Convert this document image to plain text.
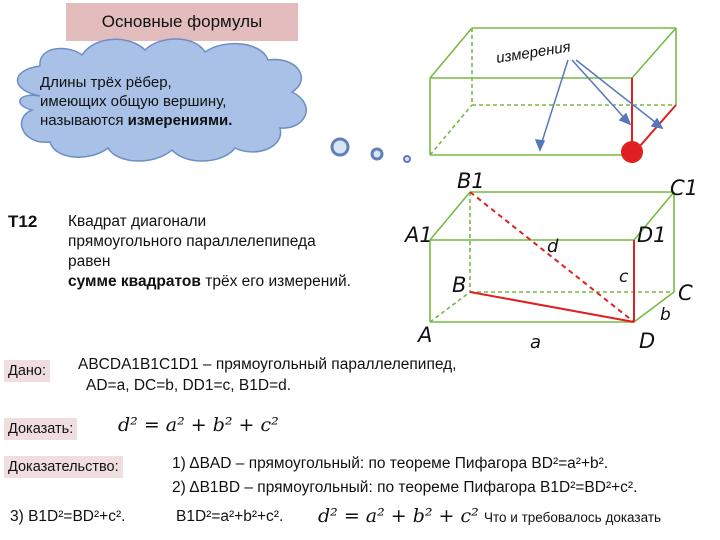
Основные формулы
измерения
B1	C1
A1	D1
B	C
A	D
d
c
b
a
Длины трёх рёбер,
имеющих общую вершину,
называются измерениями.
Т12 Квадрат диагонали
прямоугольного параллелепипеда
равен
сумме квадратов трёх его измерений.
Дано: ABCDA1B1C1D1 – прямоугольный параллелепипед,
AD=a, DC=b, DD1=c, B1D=d.
Доказать: d² = a² + b² + c²
Доказательство:	1) ΔBAD – прямоугольный: по теореме Пифагора BD²=a²+b².
2) ΔB1BD – прямоугольный: по теореме Пифагора B1D²=BD²+c².
3) B1D²=BD²+c².	B1D²=a²+b²+c². d² = a² + b² + c² Что и требовалось доказать
